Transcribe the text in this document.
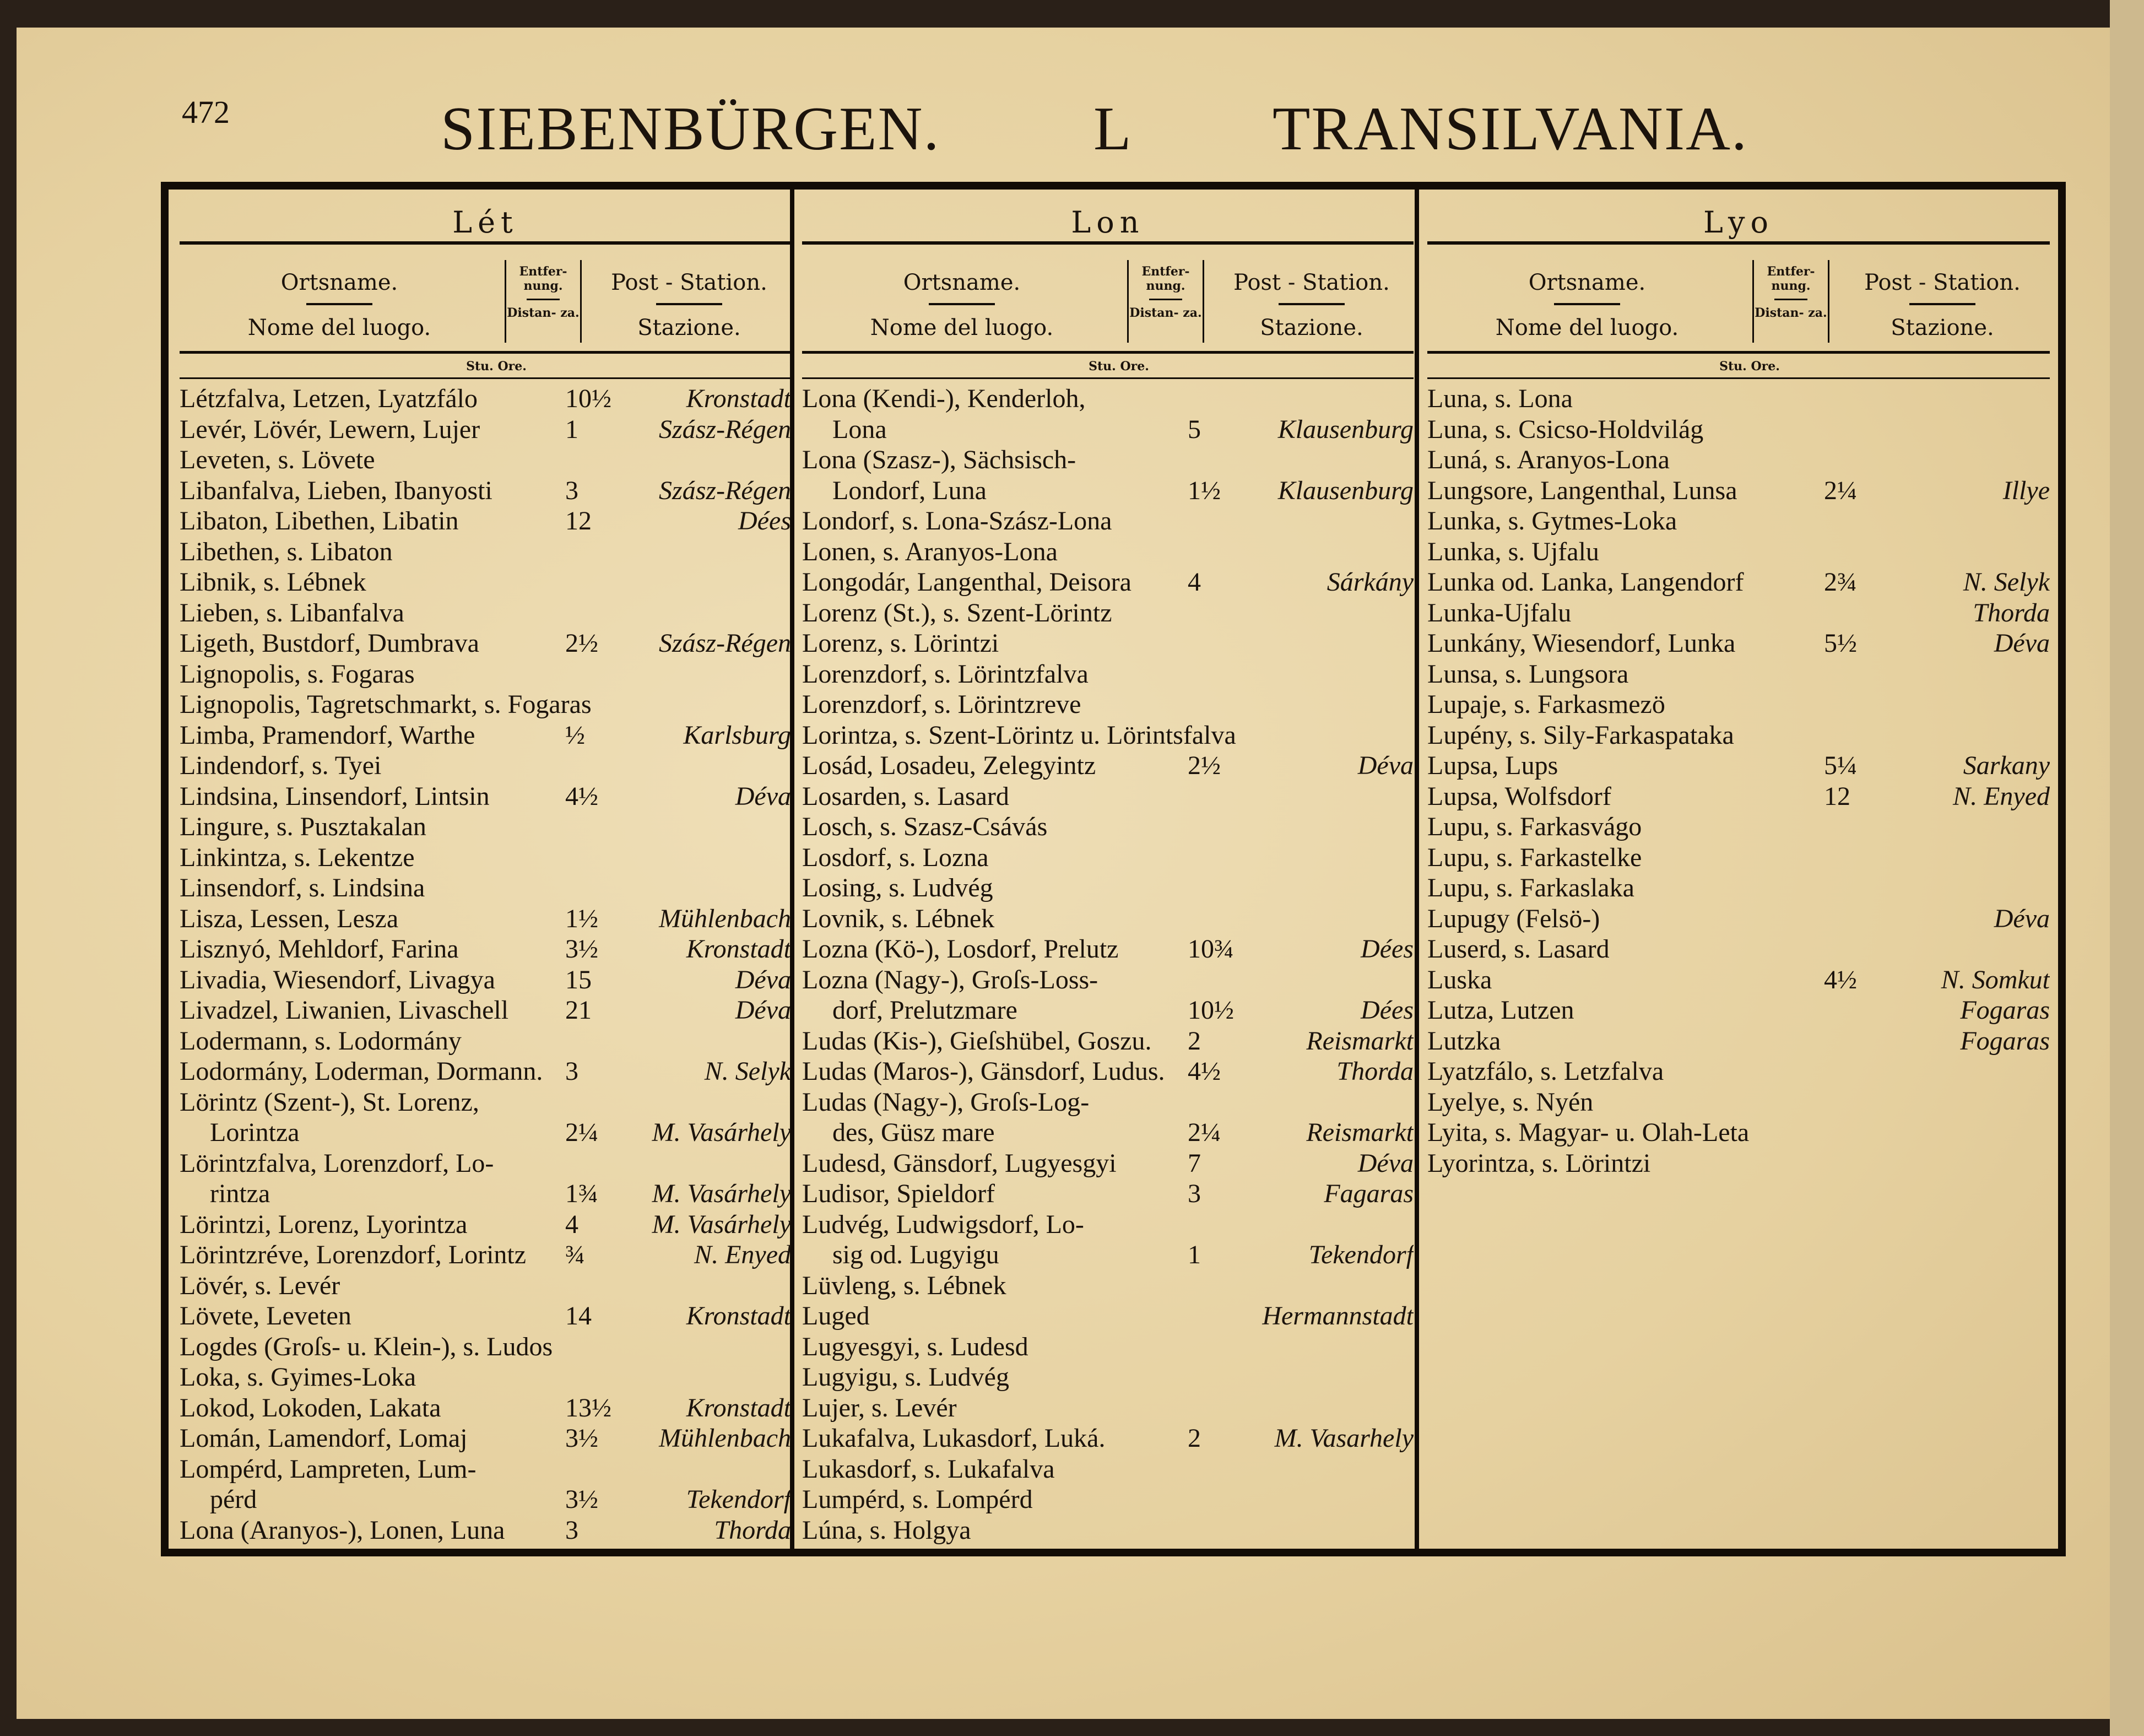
472	SIEBENBÜRGEN. L TRANSILVANIA.
Lét
Ortsname.
Nome del luogo.
Entfer- nung.
Distan- za.
Post - Station.
Stazione.
Stu. Ore.
Létzfalva, Letzen, Lyatzfálo	10½	Kronstadt
Levér, Lövér, Lewern, Lujer	1	Szász-Régen
Leveten, s. Lövete
Libanfalva, Lieben, Ibanyosti	3	Szász-Régen
Libaton, Libethen, Libatin	12	Dées
Libethen, s. Libaton
Libnik, s. Lébnek
Lieben, s. Libanfalva
Ligeth, Bustdorf, Dumbrava	2½ Szász-Régen
Lignopolis, s. Fogaras
Lignopolis, Tagretschmarkt, s. Fogaras
Limba, Pramendorf, Warthe	½	Karlsburg
Lindendorf, s. Tyei
Lindsina, Linsendorf, Lintsin	4½	Déva
Lingure, s. Pusztakalan
Linkintza, s. Lekentze
Linsendorf, s. Lindsina
Lisza, Lessen, Lesza	1½ Mühlenbach
Lisznyó, Mehldorf, Farina	3½	Kronstadt
Livadia, Wiesendorf, Livagya	15	Déva
Livadzel, Liwanien, Livaschell 21	Déva
Lodermann, s. Lodormány
Lodormány, Loderman, Dormann. 3	N. Selyk
Lörintz (Szent-), St. Lorenz,
Lorintza	2¼ M. Vasárhely
Lörintzfalva, Lorenzdorf, Lo-
rintza	1¾ M. Vasárhely
Lörintzi, Lorenz, Lyorintza	4	M. Vasárhely
Lörintzréve, Lorenzdorf, Lorintz ¾	N. Enyed
Lövér, s. Levér
Lövete, Leveten	14	Kronstadt
Logdes (Groſs- u. Klein-), s. Ludos
Loka, s. Gyimes-Loka
Lokod, Lokoden, Lakata	13½	Kronstadt
Lomán, Lamendorf, Lomaj	3½ Mühlenbach
Lompérd, Lampreten, Lum-
pérd	3½	Tekendorf
Lona (Aranyos-), Lonen, Luna 3	Thorda
Lon
Ortsname.
Nome del luogo.
Entfer- nung.
Distan- za.
Post - Station.
Stazione.
Stu. Ore.
Lona (Kendi-), Kenderloh,
Lona	5	Klausenburg
Lona (Szasz-), Sächsisch-
Londorf, Luna	1½ Klausenburg
Londorf, s. Lona-Szász-Lona
Lonen, s. Aranyos-Lona
Longodár, Langenthal, Deisora 4	Sárkány
Lorenz (St.), s. Szent-Lörintz
Lorenz, s. Lörintzi
Lorenzdorf, s. Lörintzfalva
Lorenzdorf, s. Lörintzreve
Lorintza, s. Szent-Lörintz u. Lörintsfalva
Losád, Losadeu, Zelegyintz	2½	Déva
Losarden, s. Lasard
Losch, s. Szasz-Csávás
Losdorf, s. Lozna
Losing, s. Ludvég
Lovnik, s. Lébnek
Lozna (Kö-), Losdorf, Prelutz	10¾	Dées
Lozna (Nagy-), Groſs-Loss-
dorf, Prelutzmare	10½	Dées
Ludas (Kis-), Gieſshübel, Goszu. 2	Reismarkt
Ludas (Maros-), Gänsdorf, Ludus. 4½	Thorda
Ludas (Nagy-), Groſs-Log-
des, Güsz mare	2¼	Reismarkt
Ludesd, Gänsdorf, Lugyesgyi	7	Déva
Ludisor, Spieldorf	3	Fagaras
Ludvég, Ludwigsdorf, Lo-
sig od. Lugyigu	1	Tekendorf
Lüvleng, s. Lébnek
Luged	Hermannstadt
Lugyesgyi, s. Ludesd
Lugyigu, s. Ludvég
Lujer, s. Levér
Lukafalva, Lukasdorf, Luká.	2	M. Vasarhely
Lukasdorf, s. Lukafalva
Lumpérd, s. Lompérd
Lúna, s. Holgya
Lyo
Ortsname.
Nome del luogo.
Entfer- nung.
Distan- za.
Post - Station.
Stazione.
Stu. Ore.
Luna, s. Lona
Luna, s. Csicso-Holdvilág
Luná, s. Aranyos-Lona
Lungsore, Langenthal, Lunsa	2¼	Illye
Lunka, s. Gytmes-Loka
Lunka, s. Ujfalu
Lunka od. Lanka, Langendorf	2¾	N. Selyk
Lunka-Ujfalu	Thorda
Lunkány, Wiesendorf, Lunka	5½	Déva
Lunsa, s. Lungsora
Lupaje, s. Farkasmezö
Lupény, s. Sily-Farkaspataka
Lupsa, Lups	5¼	Sarkany
Lupsa, Wolfsdorf	12	N. Enyed
Lupu, s. Farkasvágo
Lupu, s. Farkastelke
Lupu, s. Farkaslaka
Lupugy (Felsö-)	Déva
Luserd, s. Lasard
Luska	4½	N. Somkut
Lutza, Lutzen	Fogaras
Lutzka	Fogaras
Lyatzfálo, s. Letzfalva
Lyelye, s. Nyén
Lyita, s. Magyar- u. Olah-Leta
Lyorintza, s. Lörintzi
